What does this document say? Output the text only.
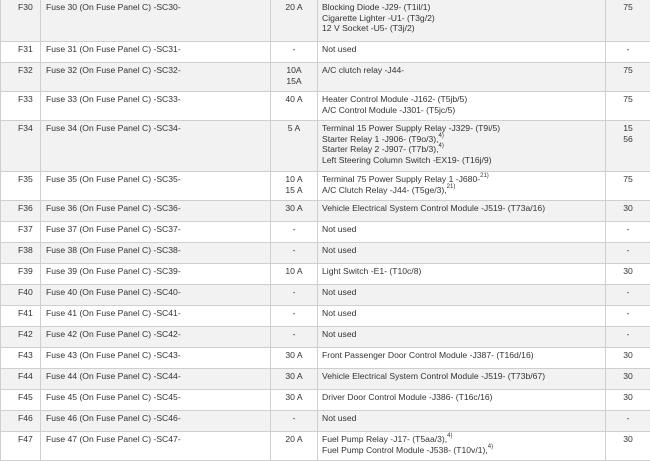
F30	Fuse 30 (On Fuse Panel C) -SC30-	20 A	Blocking Diode -J29- (T1il/1)
Cigarette Lighter -U1- (T3g/2)
12 V Socket -U5- (T3j/2)	75

F31	Fuse 31 (On Fuse Panel C) -SC31-	-	Not used	-

F32	Fuse 32 (On Fuse Panel C) -SC32-	10A
15A	A/C clutch relay -J44-	75

F33	Fuse 33 (On Fuse Panel C) -SC33-	40 A	Heater Control Module -J162- (T5jb/5)
A/C Control Module -J301- (T5jc/5)	75

F34	Fuse 34 (On Fuse Panel C) -SC34-	5 A	Terminal 15 Power Supply Relay -J329- (T9i/5)
Starter Relay 1 -J906- (T9o/3),$^{4)}$
Starter Relay 2 -J907- (T7b/3),$^{4)}$
Left Steering Column Switch -EX19- (T16j/9)	15
56

F35	Fuse 35 (On Fuse Panel C) -SC35-	10 A
15 A	Terminal 75 Power Supply Relay 1 -J680-$^{21)}$
A/C Clutch Relay -J44- (T5ge/3),$^{21)}$	75

F36	Fuse 36 (On Fuse Panel C) -SC36-	30 A	Vehicle Electrical System Control Module -J519- (T73a/16)	30

F37	Fuse 37 (On Fuse Panel C) -SC37-	-	Not used	-

F38	Fuse 38 (On Fuse Panel C) -SC38-	-	Not used	-

F39	Fuse 39 (On Fuse Panel C) -SC39-	10 A	Light Switch -E1- (T10c/8)	30

F40	Fuse 40 (On Fuse Panel C) -SC40-	-	Not used	-

F41	Fuse 41 (On Fuse Panel C) -SC41-	-	Not used	-

F42	Fuse 42 (On Fuse Panel C) -SC42-	-	Not used	-

F43	Fuse 43 (On Fuse Panel C) -SC43-	30 A	Front Passenger Door Control Module -J387- (T16d/16)	30

F44	Fuse 44 (On Fuse Panel C) -SC44-	30 A	Vehicle Electrical System Control Module -J519- (T73b/67)	30

F45	Fuse 45 (On Fuse Panel C) -SC45-	30 A	Driver Door Control Module -J386- (T16c/16)	30

F46	Fuse 46 (On Fuse Panel C) -SC46-	-	Not used	-

F47	Fuse 47 (On Fuse Panel C) -SC47-	20 A	Fuel Pump Relay -J17- (T5aa/3),$^{4)}$
Fuel Pump Control Module -J538- (T10v/1),$^{4)}$	30
